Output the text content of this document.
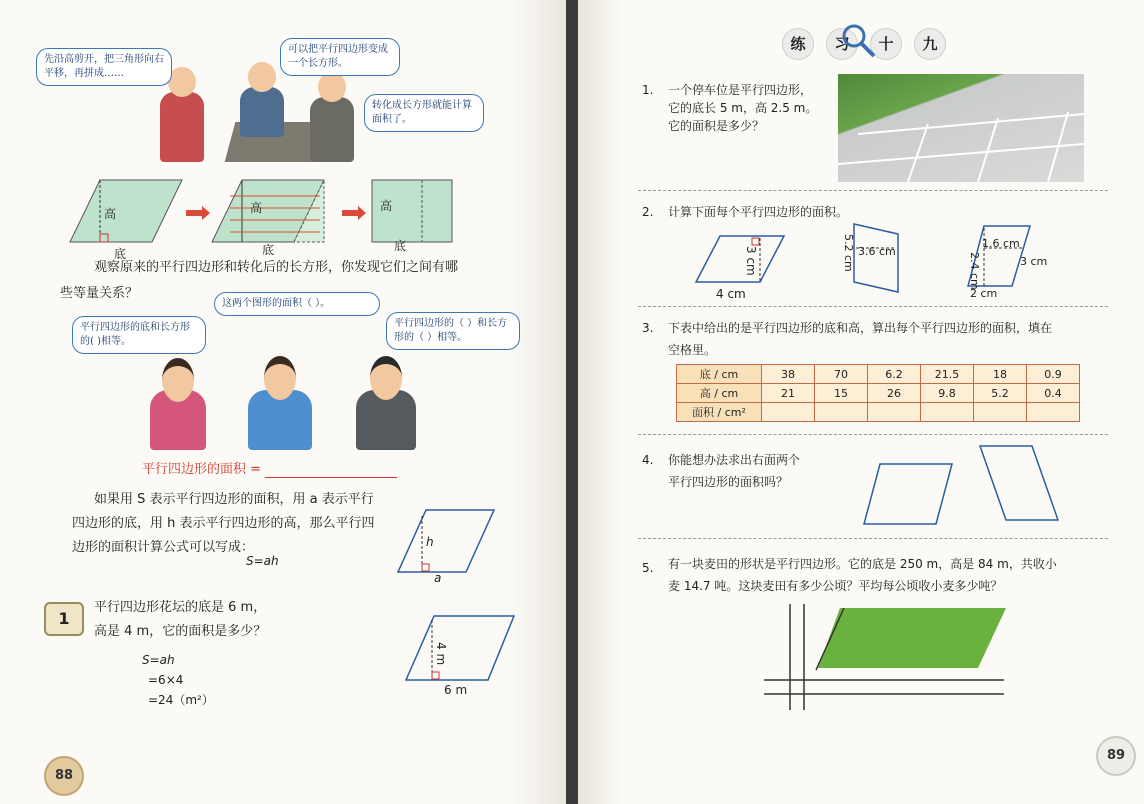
先沿高剪开，把三角形向右平移，再拼成……
可以把平行四边形变成一个长方形。
转化成长方形就能计算面积了。
高
底
高
底
高
底
观察原来的平行四边形和转化后的长方形，你发现它们之间有哪
些等量关系？
这两个图形的面积（ ）。
平行四边形的底和长方形的( )相等。
平行四边形的（ ）和长方形的（ ）相等。
平行四边形的面积 =
如果用 S 表示平行四边形的面积，用 a 表示平行
四边形的底，用 h 表示平行四边形的高，那么平行四
边形的面积计算公式可以写成：
S=ah
h
a
1
平行四边形花坛的底是 6 m，
高是 4 m，它的面积是多少？
S=ah
=6×4
=24（m²）
4 m
6 m
88
练	习	十	九
1. 一个停车位是平行四边形，
它的底长 5 m，高 2.5 m。
它的面积是多少？
2. 计算下面每个平行四边形的面积。
3 cm
4 cm
5.2 cm 3.6 cm
1.6 cm
2.4 cm	3 cm
2 cm
3. 下表中给出的是平行四边形的底和高，算出每个平行四边形的面积，填在
空格里。
底 / cm	38	70	6.2	21.5	18	0.9
高 / cm	21	15	26	9.8	5.2	0.4
面积 / cm²						
4. 你能想办法求出右面两个
平行四边形的面积吗？
5. 有一块麦田的形状是平行四边形。它的底是 250 m，高是 84 m，共收小
麦 14.7 吨。这块麦田有多少公顷？平均每公顷收小麦多少吨？
89
